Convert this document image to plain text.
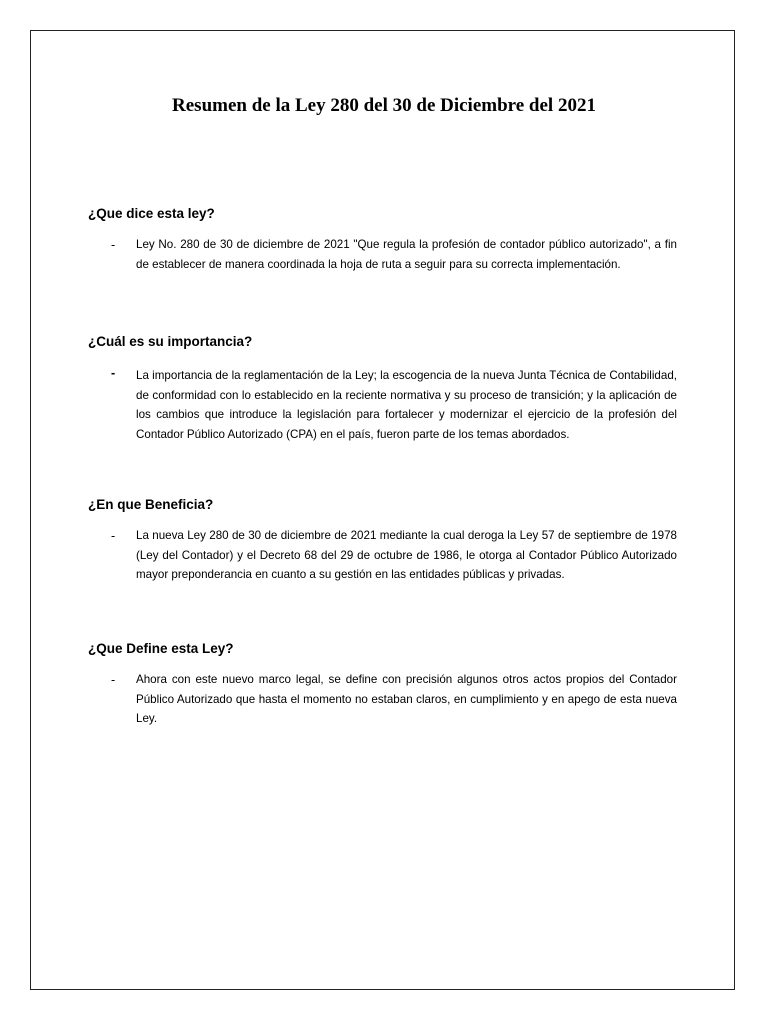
Resumen de la Ley 280 del 30 de Diciembre del 2021
¿Que dice esta ley?
- Ley No. 280 de 30 de diciembre de 2021 "Que regula la profesión de contador público autorizado", a fin de establecer de manera coordinada la hoja de ruta a seguir para su correcta implementación.

¿Cuál es su importancia?
- La importancia de la reglamentación de la Ley; la escogencia de la nueva Junta Técnica de Contabilidad, de conformidad con lo establecido en la reciente normativa y su proceso de transición; y la aplicación de los cambios que introduce la legislación para fortalecer y modernizar el ejercicio de la profesión del Contador Público Autorizado (CPA) en el país, fueron parte de los temas abordados.

¿En que Beneficia?
- La nueva Ley 280 de 30 de diciembre de 2021 mediante la cual deroga la Ley 57 de septiembre de 1978 (Ley del Contador) y el Decreto 68 del 29 de octubre de 1986, le otorga al Contador Público Autorizado mayor preponderancia en cuanto a su gestión en las entidades públicas y privadas.

¿Que Define esta Ley?
- Ahora con este nuevo marco legal, se define con precisión algunos otros actos propios del Contador Público Autorizado que hasta el momento no estaban claros, en cumplimiento y en apego de esta nueva Ley.
